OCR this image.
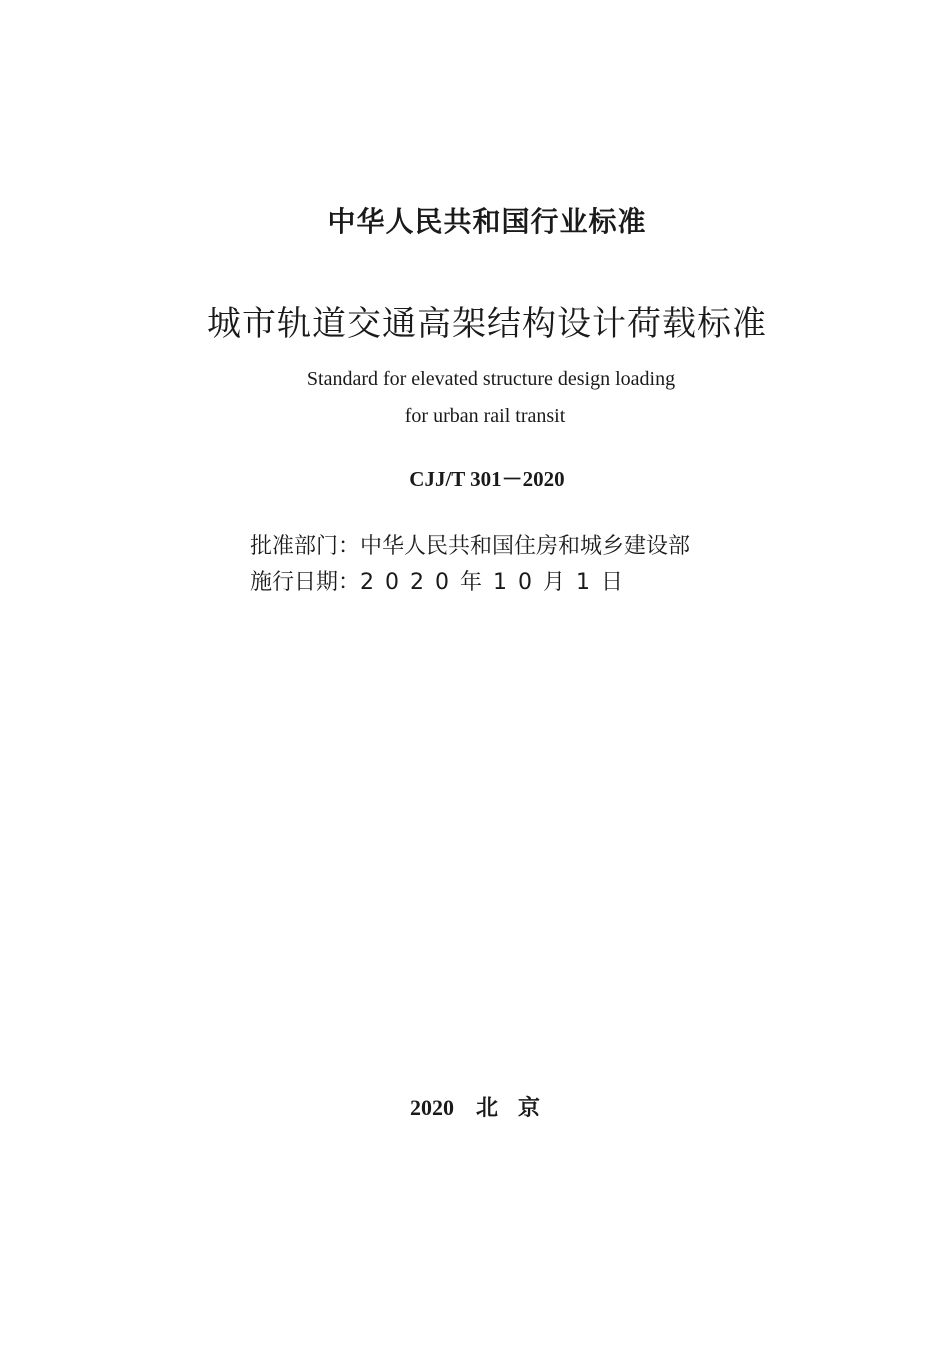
中华人民共和国行业标准
城市轨道交通高架结构设计荷载标准
Standard for elevated structure design loading
for urban rail transit
CJJ/T 301－2020
批准部门：中华人民共和国住房和城乡建设部
施行日期：2020年10月1日
2020 北京
